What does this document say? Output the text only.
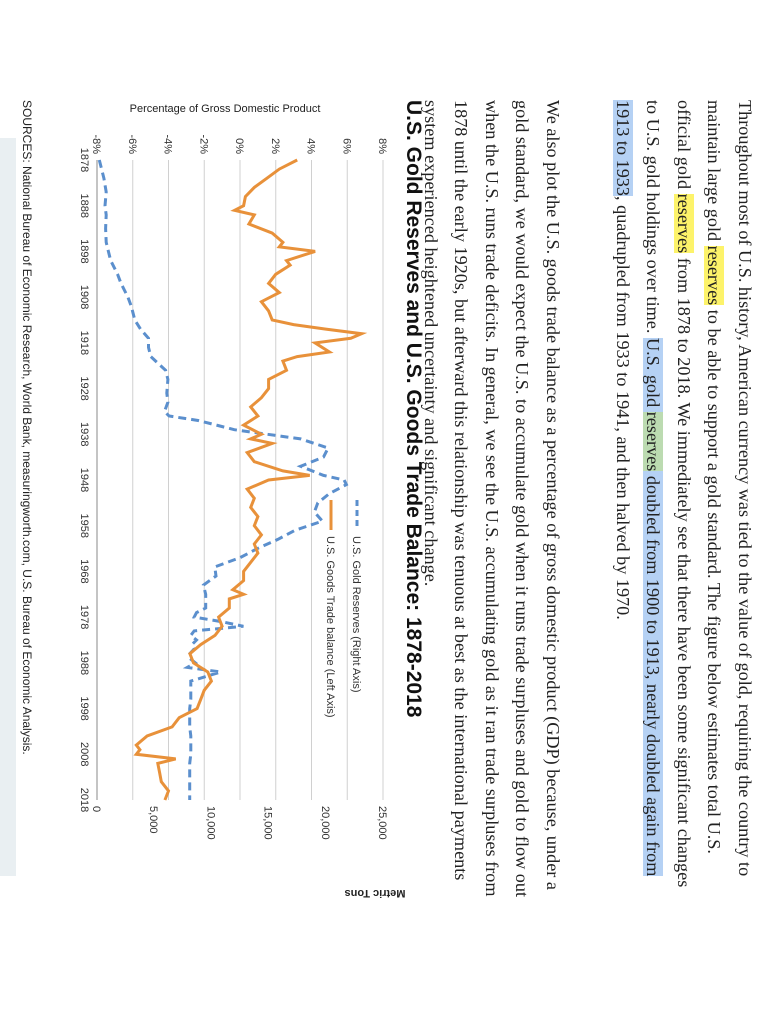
Throughout most of U.S. history, American currency was tied to the value of gold, requiring the country to maintain large gold reserves to be able to support a gold standard. The figure below estimates total U.S. official gold reserves from 1878 to 2018. We immediately see that there have been some significant changes to U.S. gold holdings over time. U.S. gold reserves doubled from 1900 to 1913, nearly doubled again from 1913 to 1933, quadrupled from 1933 to 1941, and then halved by 1970.

We also plot the U.S. goods trade balance as a percentage of gross domestic product (GDP) because, under a gold standard, we would expect the U.S. to accumulate gold when it runs trade surpluses and gold to flow out when the U.S. runs trade deficits. In general, we see the U.S. accumulating gold as it ran trade surpluses from 1878 until the early 1920s, but afterward this relationship was tenuous at best as the international payments system experienced heightened uncertainty and significant change.

U.S. Gold Reserves and U.S. Goods Trade Balance: 1878-2018
-8% -6% -4% -2% 0% 2% 4% 6% 8%
0	5,000	10,000	15,000	20,000	25,000
1878
1888
1898
1908
1918
1928
1938
1948
1958
1968
1978
1988
1998
2008
2018
Percentage of Gross Domestic Product
Metric Tons
U.S. Gold Reserves (Right Axis)
U.S. Goods Trade balance (Left Axis)

SOURCES: National Bureau of Economic Research, World Bank, measuringworth.com, U.S. Bureau of Economic Analysis.
